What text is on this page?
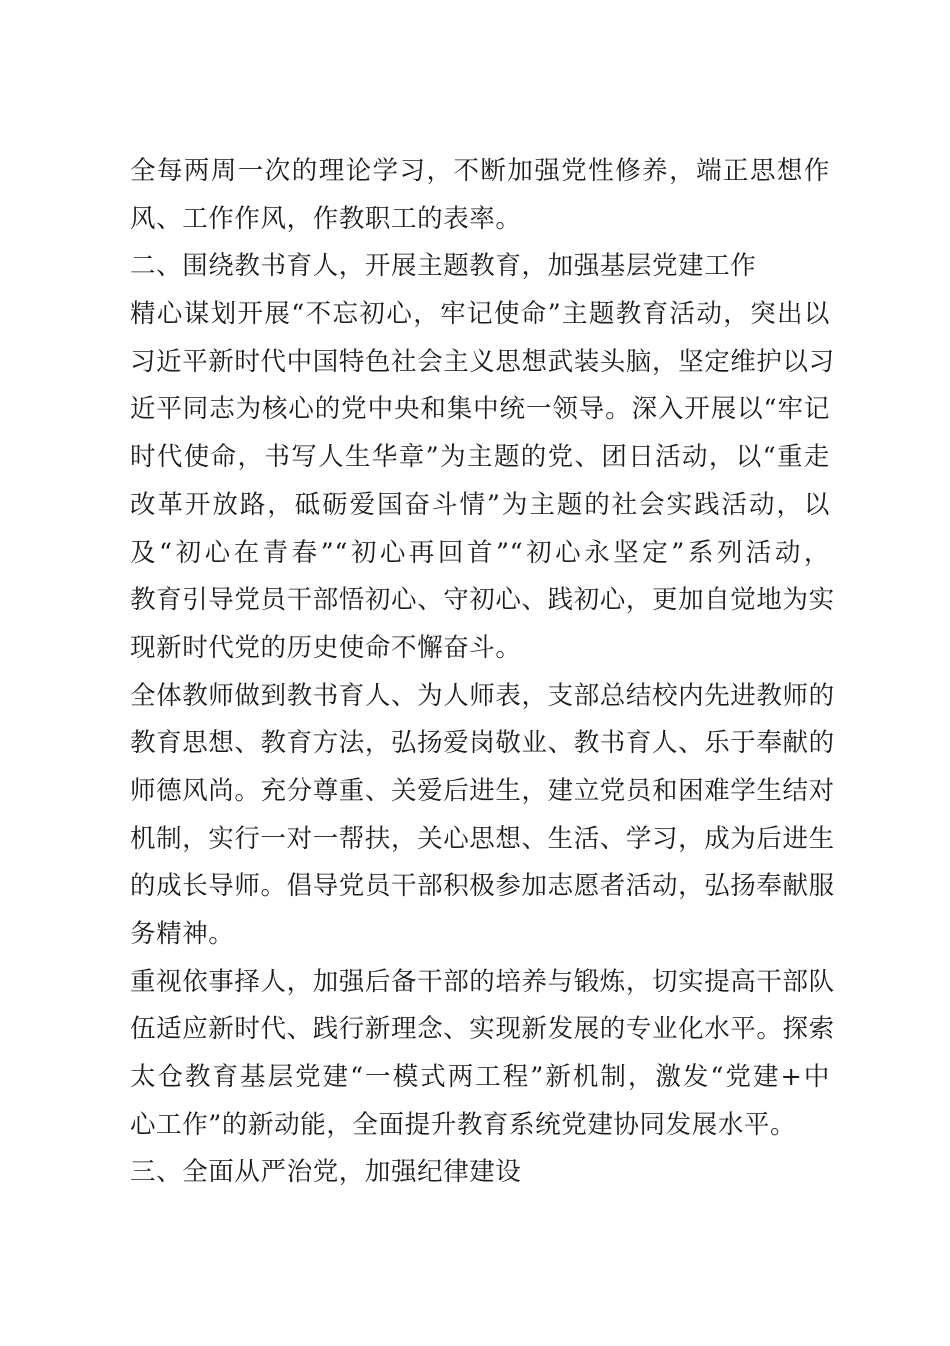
全每两周一次的理论学习，不断加强党性修养，端正思想作
风、工作作风，作教职工的表率。
二、围绕教书育人，开展主题教育，加强基层党建工作
精心谋划开展“不忘初心，牢记使命”主题教育活动，突出以
习近平新时代中国特色社会主义思想武装头脑，坚定维护以习
近平同志为核心的党中央和集中统一领导。深入开展以“牢记
时代使命，书写人生华章”为主题的党、团日活动，以“重走
改革开放路，砥砺爱国奋斗情”为主题的社会实践活动，以
及“初心在青春”“初心再回首”“初心永坚定”系列活动，
教育引导党员干部悟初心、守初心、践初心，更加自觉地为实
现新时代党的历史使命不懈奋斗。
全体教师做到教书育人、为人师表，支部总结校内先进教师的
教育思想、教育方法，弘扬爱岗敬业、教书育人、乐于奉献的
师德风尚。充分尊重、关爱后进生，建立党员和困难学生结对
机制，实行一对一帮扶，关心思想、生活、学习，成为后进生
的成长导师。倡导党员干部积极参加志愿者活动，弘扬奉献服
务精神。
重视依事择人，加强后备干部的培养与锻炼，切实提高干部队
伍适应新时代、践行新理念、实现新发展的专业化水平。探索
太仓教育基层党建“一模式两工程”新机制，激发“党建+中
心工作”的新动能，全面提升教育系统党建协同发展水平。
三、全面从严治党，加强纪律建设
